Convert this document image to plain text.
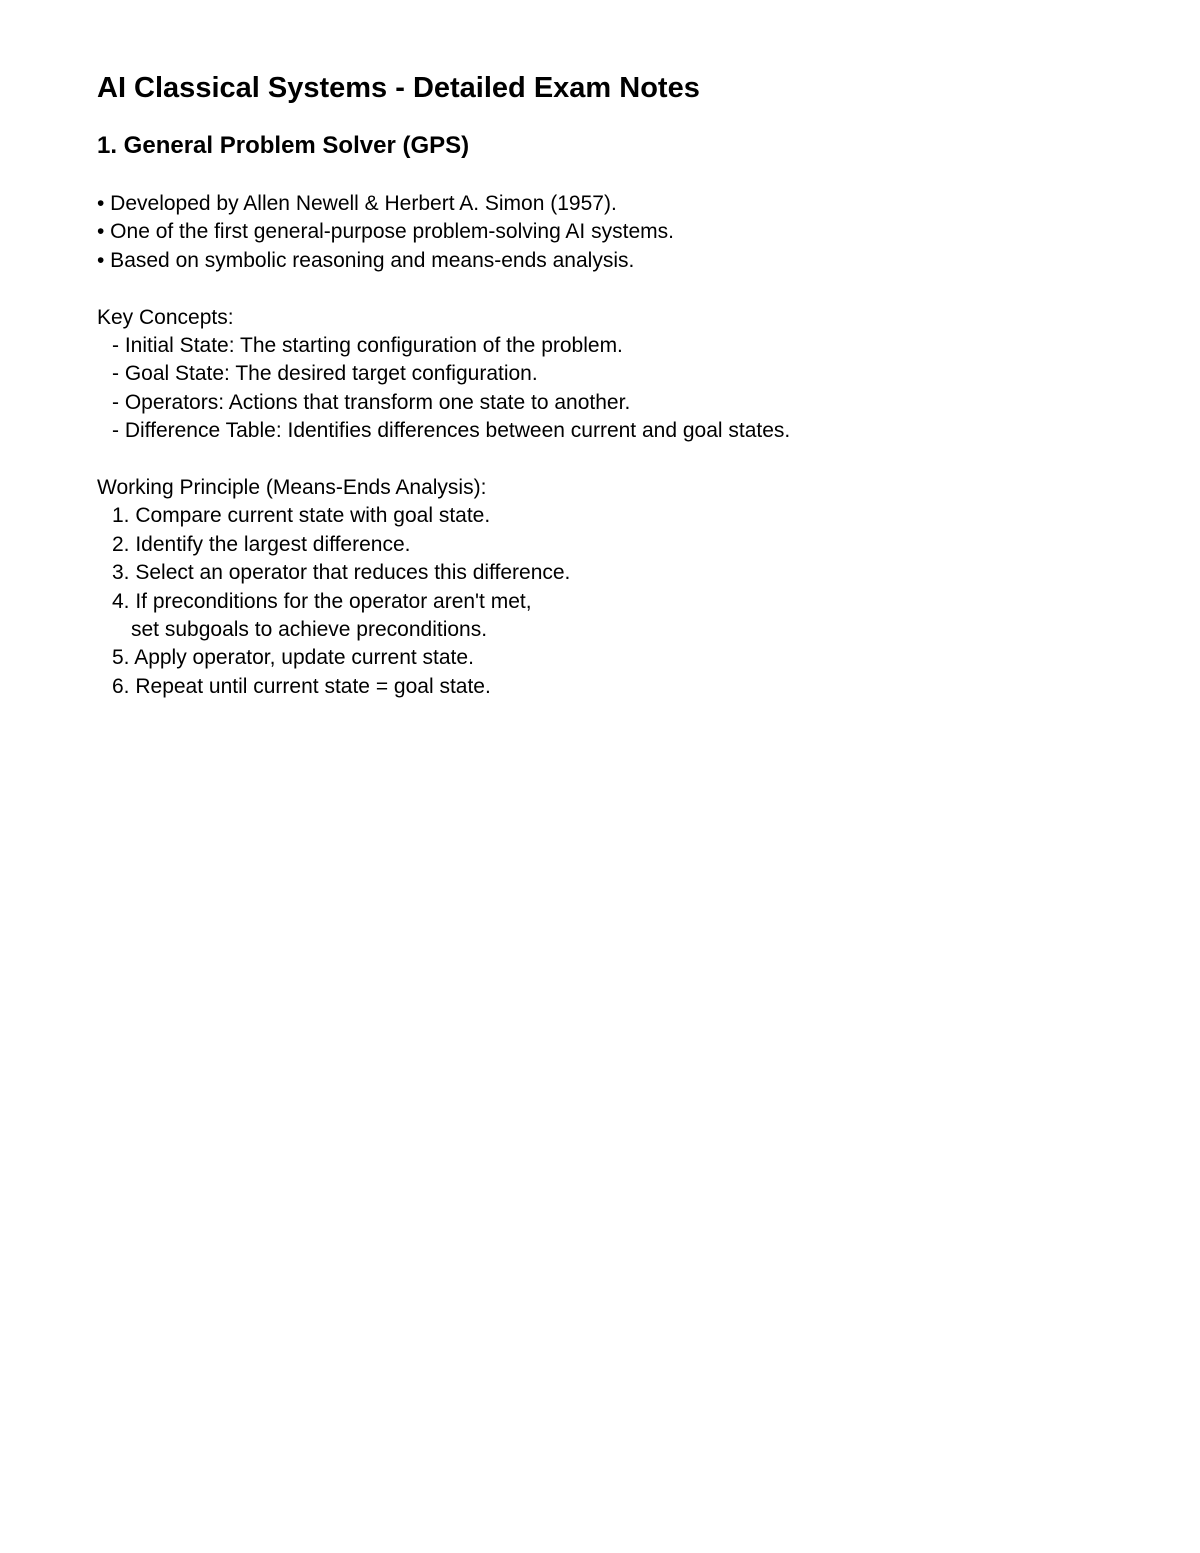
AI Classical Systems - Detailed Exam Notes
1. General Problem Solver (GPS)
• Developed by Allen Newell & Herbert A. Simon (1957).
• One of the first general-purpose problem-solving AI systems.
• Based on symbolic reasoning and means-ends analysis.
Key Concepts:
- Initial State: The starting configuration of the problem.
- Goal State: The desired target configuration.
- Operators: Actions that transform one state to another.
- Difference Table: Identifies differences between current and goal states.
Working Principle (Means-Ends Analysis):
1. Compare current state with goal state.
2. Identify the largest difference.
3. Select an operator that reduces this difference.
4. If preconditions for the operator aren't met,
set subgoals to achieve preconditions.
5. Apply operator, update current state.
6. Repeat until current state = goal state.
